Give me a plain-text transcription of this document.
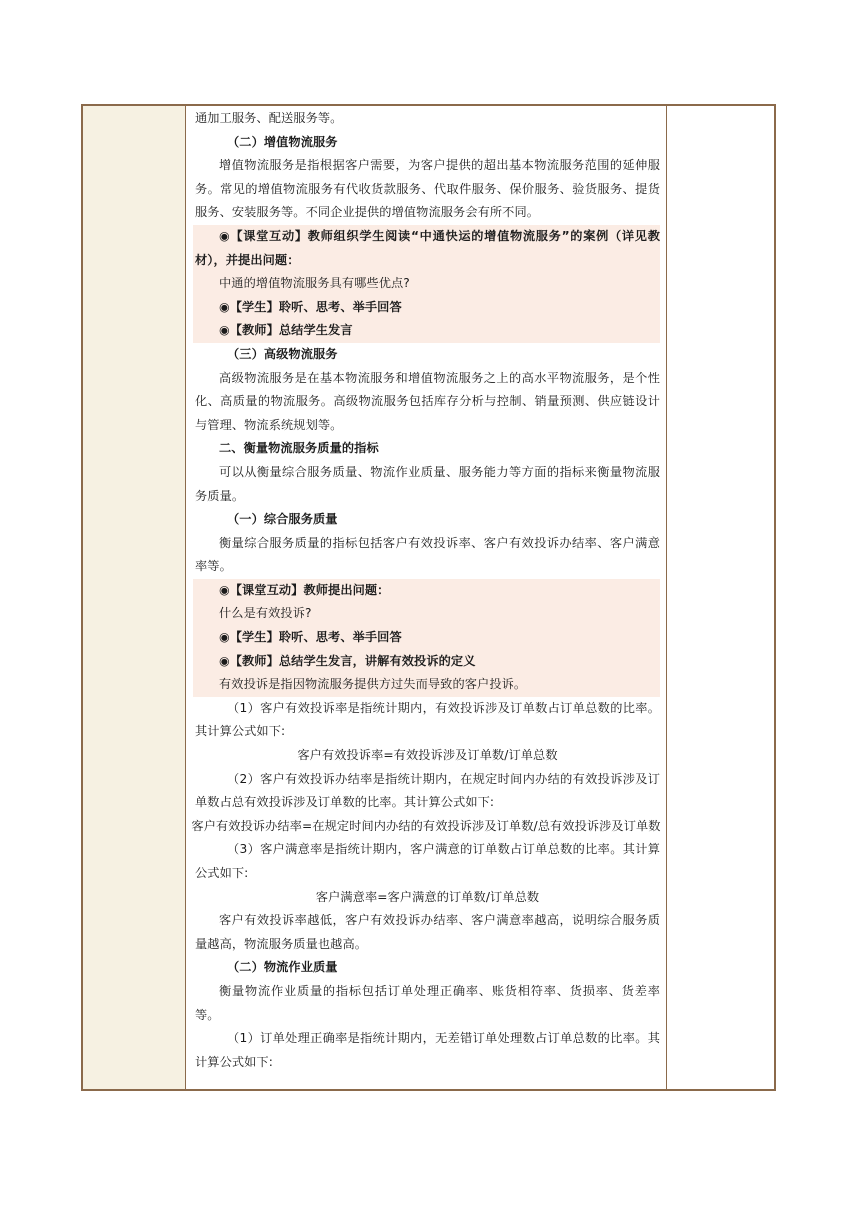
通加工服务、配送服务等。

（二）增值物流服务

增值物流服务是指根据客户需要，为客户提供的超出基本物流服务范围的延伸服务。常见的增值物流服务有代收货款服务、代取件服务、保价服务、验货服务、提货服务、安装服务等。不同企业提供的增值物流服务会有所不同。

◉【课堂互动】教师组织学生阅读“中通快运的增值物流服务”的案例（详见教材），并提出问题：

中通的增值物流服务具有哪些优点?

◉【学生】聆听、思考、举手回答

◉【教师】总结学生发言

（三）高级物流服务

高级物流服务是在基本物流服务和增值物流服务之上的高水平物流服务，是个性化、高质量的物流服务。高级物流服务包括库存分析与控制、销量预测、供应链设计与管理、物流系统规划等。

二、衡量物流服务质量的指标

可以从衡量综合服务质量、物流作业质量、服务能力等方面的指标来衡量物流服务质量。

（一）综合服务质量

衡量综合服务质量的指标包括客户有效投诉率、客户有效投诉办结率、客户满意率等。

◉【课堂互动】教师提出问题：

什么是有效投诉?

◉【学生】聆听、思考、举手回答

◉【教师】总结学生发言，讲解有效投诉的定义

有效投诉是指因物流服务提供方过失而导致的客户投诉。

（1）客户有效投诉率是指统计期内，有效投诉涉及订单数占订单总数的比率。其计算公式如下:

客户有效投诉率=有效投诉涉及订单数/订单总数

（2）客户有效投诉办结率是指统计期内，在规定时间内办结的有效投诉涉及订单数占总有效投诉涉及订单数的比率。其计算公式如下:

客户有效投诉办结率=在规定时间内办结的有效投诉涉及订单数/总有效投诉涉及订单数

（3）客户满意率是指统计期内，客户满意的订单数占订单总数的比率。其计算公式如下:

客户满意率=客户满意的订单数/订单总数

客户有效投诉率越低，客户有效投诉办结率、客户满意率越高，说明综合服务质量越高，物流服务质量也越高。

（二）物流作业质量

衡量物流作业质量的指标包括订单处理正确率、账货相符率、货损率、货差率等。

（1）订单处理正确率是指统计期内，无差错订单处理数占订单总数的比率。其计算公式如下:
